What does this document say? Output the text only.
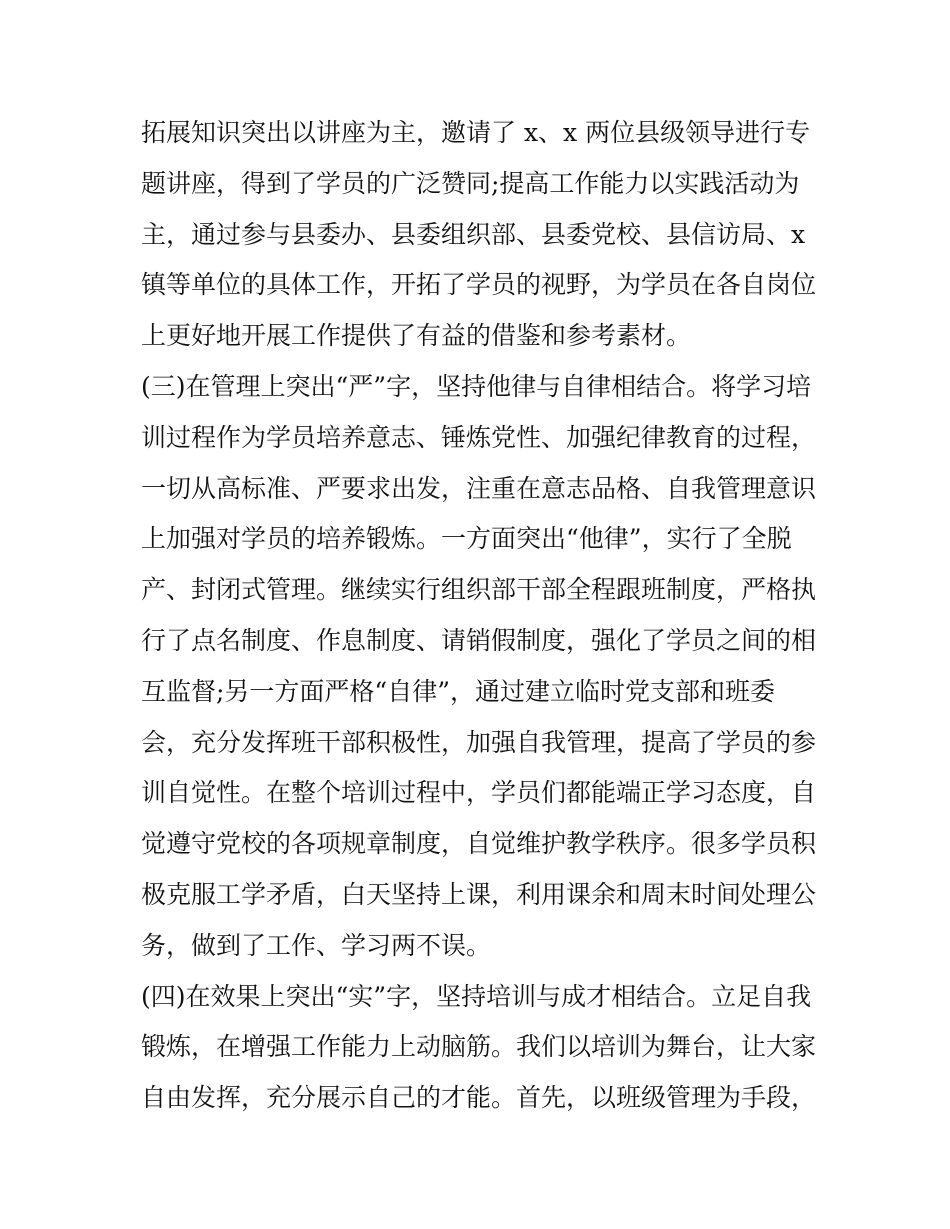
拓展知识突出以讲座为主，邀请了 x、x 两位县级领导进行专
题讲座，得到了学员的广泛赞同;提高工作能力以实践活动为
主，通过参与县委办、县委组织部、县委党校、县信访局、x
镇等单位的具体工作，开拓了学员的视野，为学员在各自岗位
上更好地开展工作提供了有益的借鉴和参考素材。
(三)在管理上突出“严”字，坚持他律与自律相结合。将学习培
训过程作为学员培养意志、锤炼党性、加强纪律教育的过程，
一切从高标准、严要求出发，注重在意志品格、自我管理意识
上加强对学员的培养锻炼。一方面突出“他律”，实行了全脱
产、封闭式管理。继续实行组织部干部全程跟班制度，严格执
行了点名制度、作息制度、请销假制度，强化了学员之间的相
互监督;另一方面严格“自律”，通过建立临时党支部和班委
会，充分发挥班干部积极性，加强自我管理，提高了学员的参
训自觉性。在整个培训过程中，学员们都能端正学习态度，自
觉遵守党校的各项规章制度，自觉维护教学秩序。很多学员积
极克服工学矛盾，白天坚持上课，利用课余和周末时间处理公
务，做到了工作、学习两不误。
(四)在效果上突出“实”字，坚持培训与成才相结合。立足自我
锻炼，在增强工作能力上动脑筋。我们以培训为舞台，让大家
自由发挥，充分展示自己的才能。首先，以班级管理为手段，
